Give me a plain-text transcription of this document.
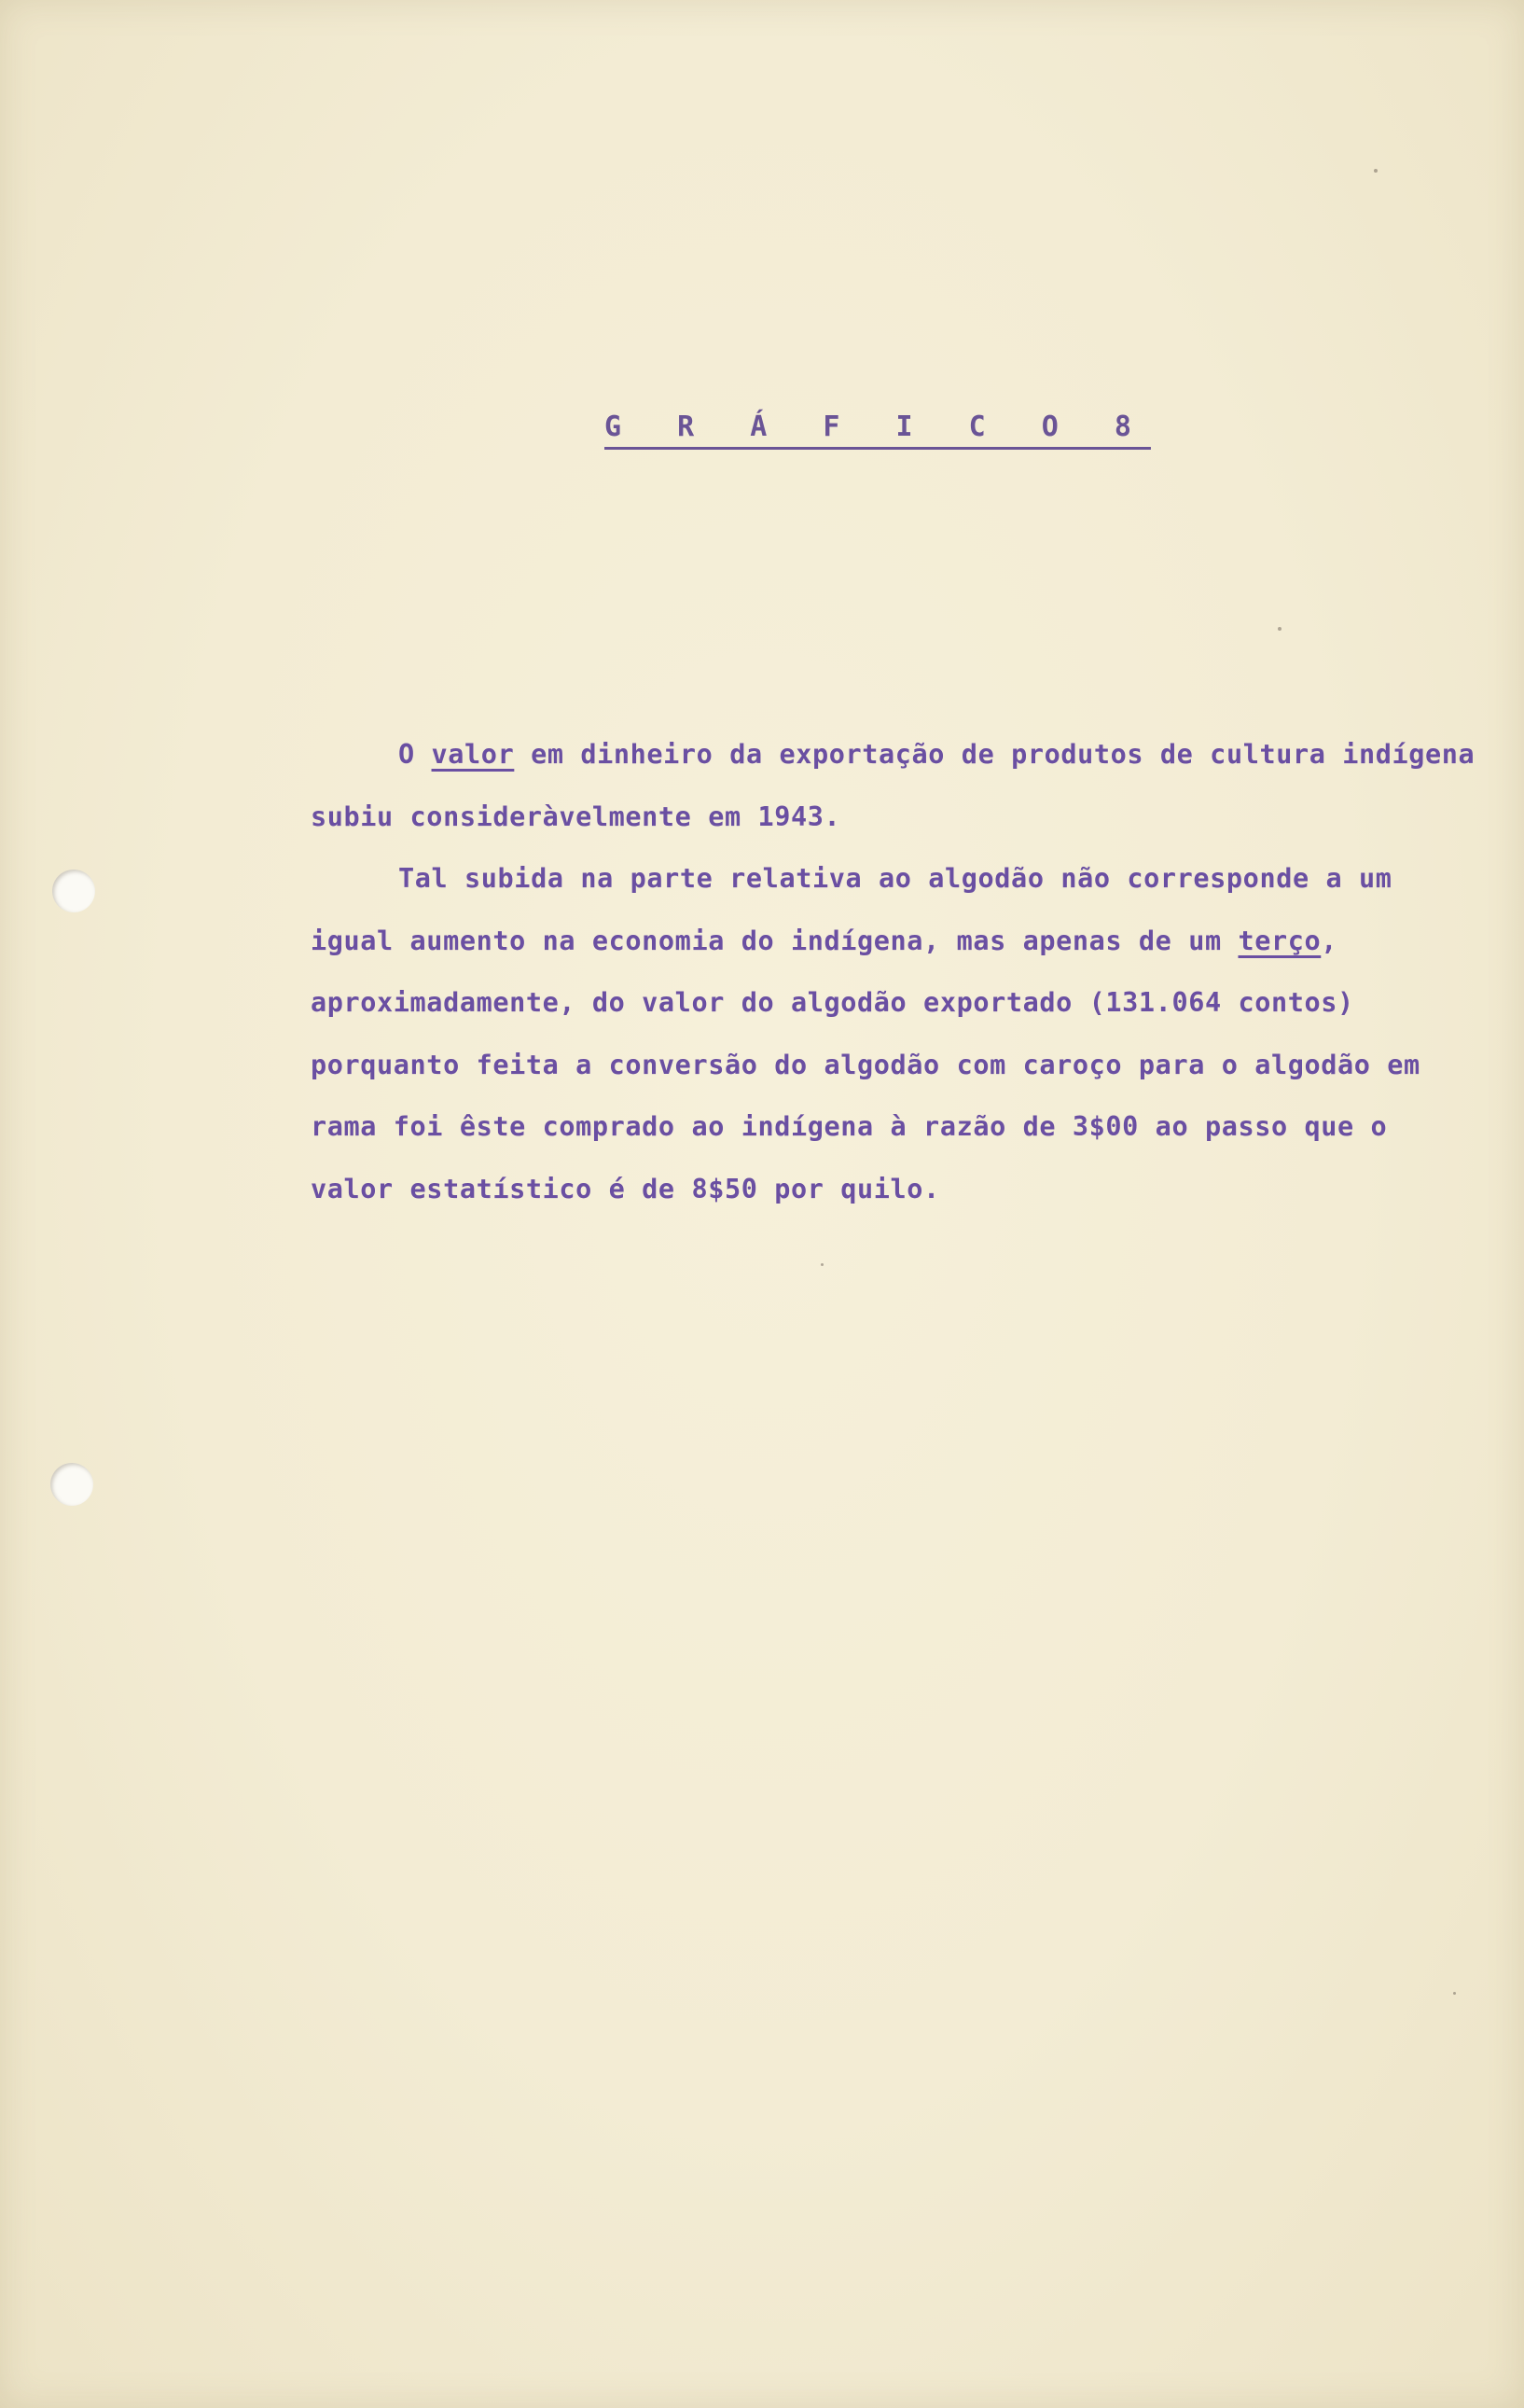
G R Á F I C O 8

O valor em dinheiro da exportação de produtos de cultura indígena subiu consideràvelmente em 1943.

Tal subida na parte relativa ao algodão não corresponde a um igual aumento na economia do indígena, mas apenas de um terço, aproximadamente, do valor do algodão exportado (131.064 contos) porquanto feita a conversão do algodão com caroço para o algodão em rama foi êste comprado ao indígena à razão de 3$00 ao passo que o valor estatístico é de 8$50 por quilo.
